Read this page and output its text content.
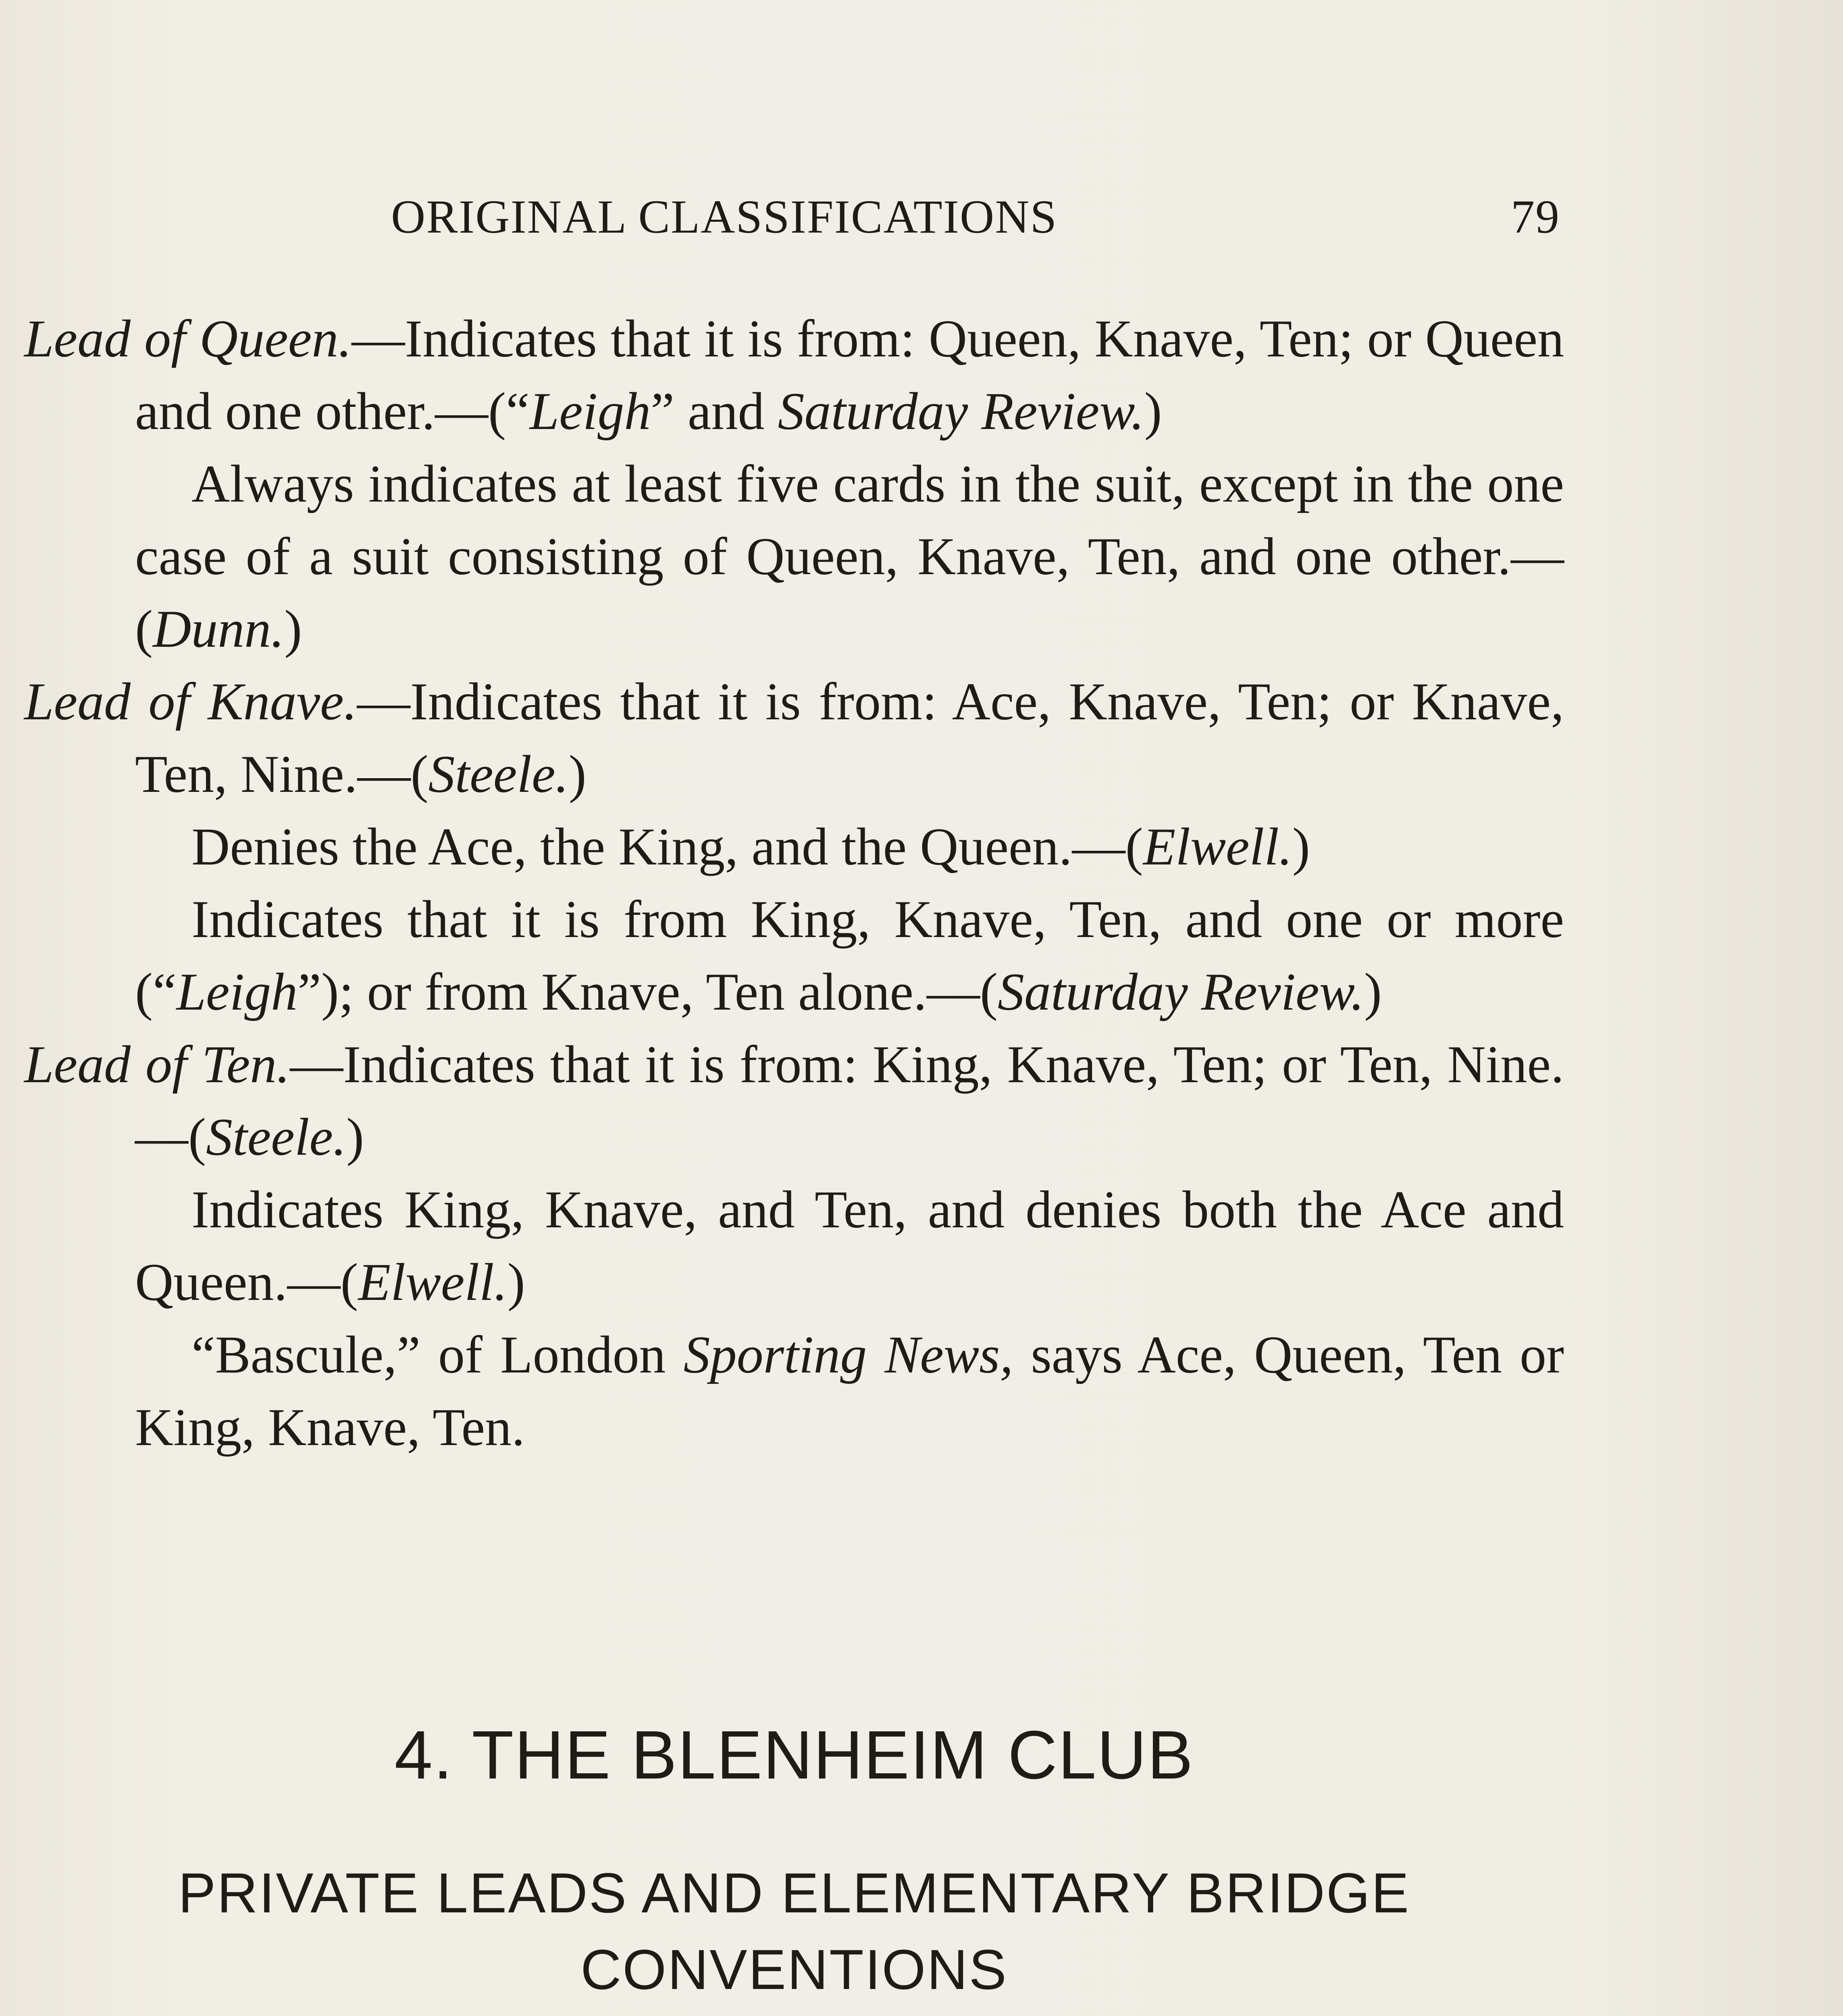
ORIGINAL CLASSIFICATIONS	79

Lead of Queen.—Indicates that it is from: Queen, Knave, Ten; or Queen and one other.—(“Leigh” and Saturday Review.)

Always indicates at least five cards in the suit, except in the one case of a suit consisting of Queen, Knave, Ten, and one other.—(Dunn.)

Lead of Knave.—Indicates that it is from: Ace, Knave, Ten; or Knave, Ten, Nine.—(Steele.)

Denies the Ace, the King, and the Queen.—(Elwell.)

Indicates that it is from King, Knave, Ten, and one or more (“Leigh”); or from Knave, Ten alone.—(Saturday Review.)

Lead of Ten.—Indicates that it is from: King, Knave, Ten; or Ten, Nine.—(Steele.)

Indicates King, Knave, and Ten, and denies both the Ace and Queen.—(Elwell.)

“Bascule,” of London Sporting News, says Ace, Queen, Ten or King, Knave, Ten.

4. THE BLENHEIM CLUB
PRIVATE LEADS AND ELEMENTARY BRIDGE CONVENTIONS
